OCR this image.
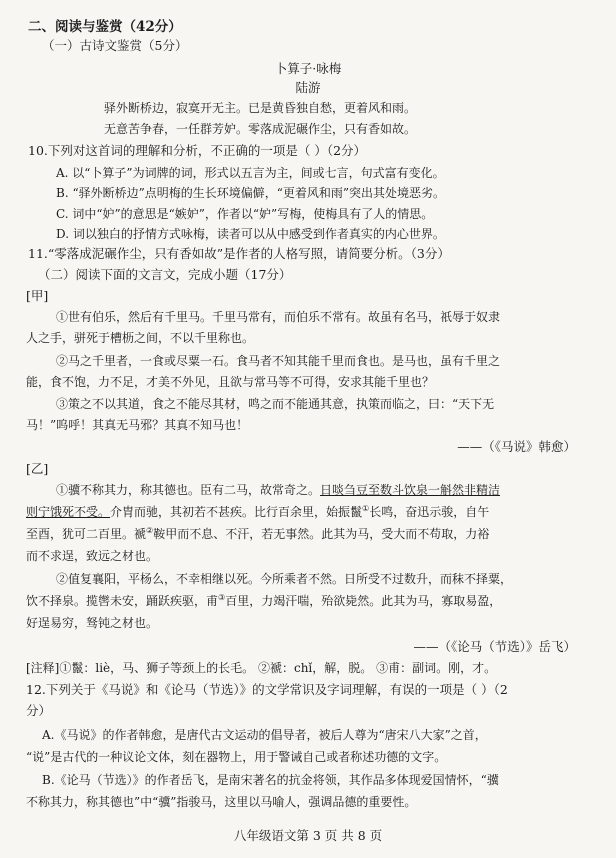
二、阅读与鉴赏（42分）
（一）古诗文鉴赏（5分）
卜算子·咏梅
陆游
驿外断桥边，寂寞开无主。已是黄昏独自愁，更着风和雨。
无意苦争春，一任群芳妒。零落成泥碾作尘，只有香如故。
10.下列对这首词的理解和分析，不正确的一项是（ ）（2分）
A. 以“卜算子”为词牌的词，形式以五言为主，间或七言，句式富有变化。
B. “驿外断桥边”点明梅的生长环境偏僻，“更着风和雨”突出其处境恶劣。
C. 词中“妒”的意思是“嫉妒”，作者以“妒”写梅，使梅具有了人的情思。
D. 词以独白的抒情方式咏梅，读者可以从中感受到作者真实的内心世界。
11.“零落成泥碾作尘，只有香如故”是作者的人格写照，请简要分析。（3分）
（二）阅读下面的文言文，完成小题（17分）
[甲]
①世有伯乐，然后有千里马。千里马常有，而伯乐不常有。故虽有名马，祇辱于奴隶
人之手，骈死于槽枥之间，不以千里称也。
②马之千里者，一食或尽粟一石。食马者不知其能千里而食也。是马也，虽有千里之
能，食不饱，力不足，才美不外见，且欲与常马等不可得，安求其能千里也？
③策之不以其道，食之不能尽其材，鸣之而不能通其意，执策而临之，曰：“天下无
马！”呜呼！其真无马邪？其真不知马也！
——（《马说》韩愈）
[乙]
①骥不称其力，称其德也。臣有二马，故常奇之。日啖刍豆至数斗饮泉一斛然非精洁
则宁饿死不受。介胄而驰，其初若不甚疾。比行百余里，始振鬣①长鸣，奋迅示骏，自午
至酉，犹可二百里。褫②鞍甲而不息、不汗，若无事然。此其为马，受大而不苟取，力裕
而不求逞，致远之材也。
②值复襄阳，平杨么，不幸相继以死。今所乘者不然。日所受不过数升，而秣不择粟，
饮不择泉。揽辔未安，踊跃疾驱，甫③百里，力竭汗喘，殆欲毙然。此其为马，寡取易盈，
好逞易穷，驽钝之材也。
——（《论马（节选）》岳飞）
[注释]①鬣：liè，马、狮子等颈上的长毛。 ②褫：chǐ，解，脱。 ③甫：副词。刚，才。
12.下列关于《马说》和《论马（节选）》的文学常识及字词理解，有误的一项是（ ）（2
分）
A.《马说》的作者韩愈，是唐代古文运动的倡导者，被后人尊为“唐宋八大家”之首，
“说”是古代的一种议论文体，刻在器物上，用于警诫自己或者称述功德的文字。
B.《论马（节选）》的作者岳飞，是南宋著名的抗金将领，其作品多体现爱国情怀，“骥
不称其力，称其德也”中“骥”指骏马，这里以马喻人，强调品德的重要性。
八年级语文第 3 页 共 8 页
